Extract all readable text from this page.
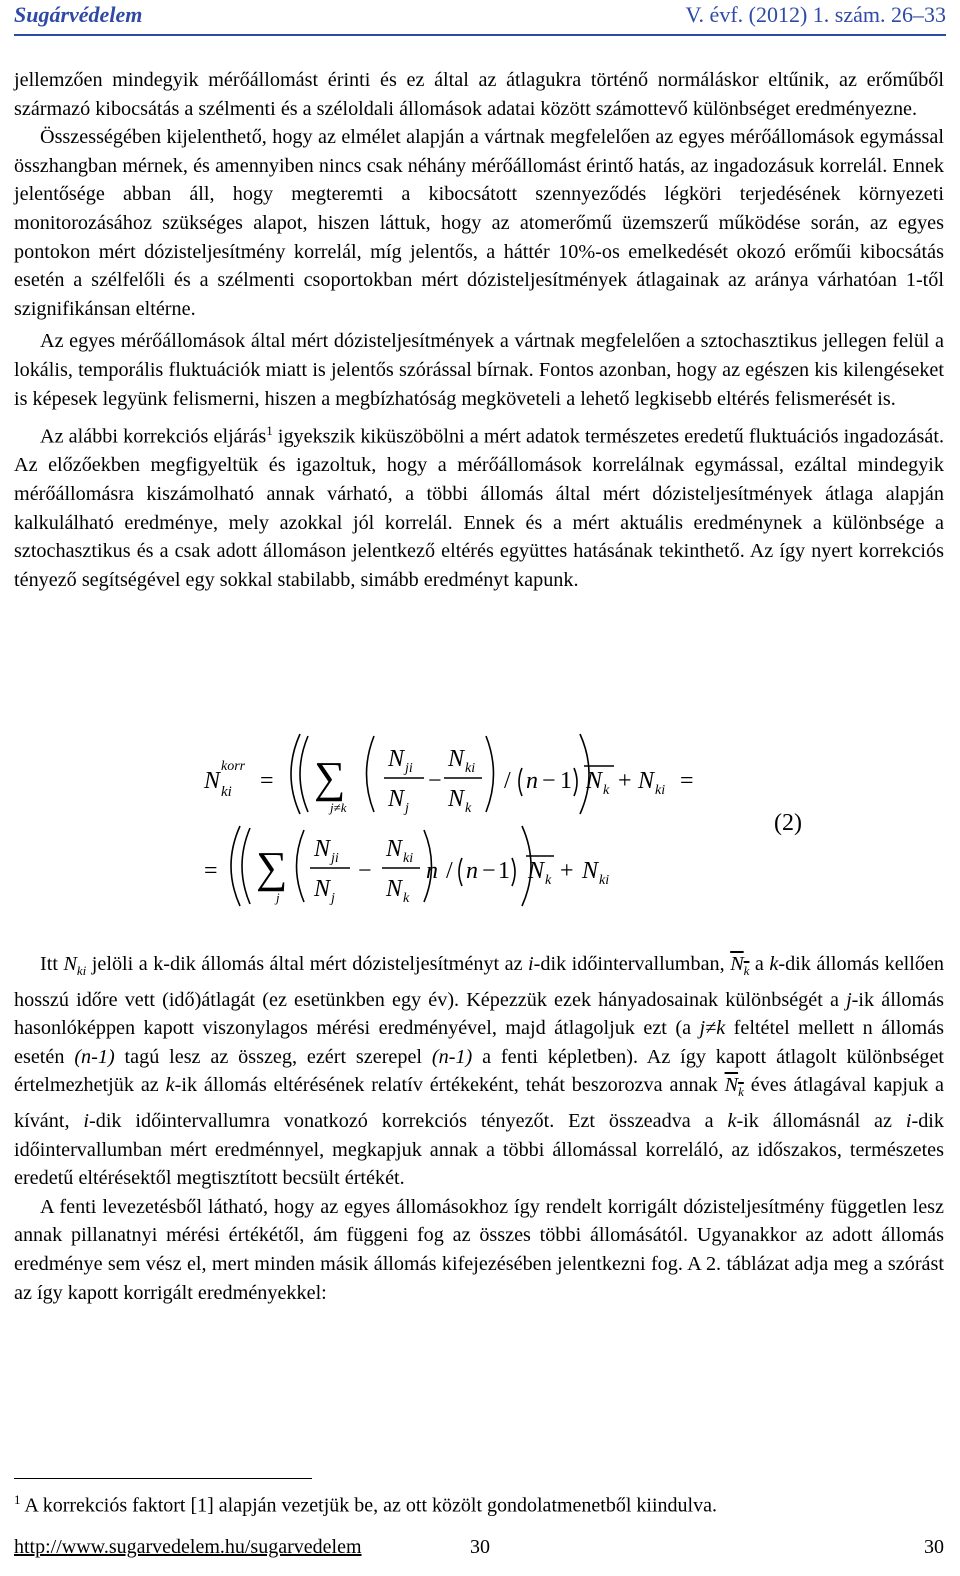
Sugárvédelem	V. évf. (2012) 1. szám. 26–33

jellemzően mindegyik mérőállomást érinti és ez által az átlagukra történő normáláskor eltűnik, az erőműből származó kibocsátás a szélmenti és a széloldali állomások adatai között számottevő különbséget eredményezne.

Összességében kijelenthető, hogy az elmélet alapján a vártnak megfelelően az egyes mérőállomások egymással összhangban mérnek, és amennyiben nincs csak néhány mérőállomást érintő hatás, az ingadozásuk korrelál. Ennek jelentősége abban áll, hogy megteremti a kibocsátott szennyeződés légköri terjedésének környezeti monitorozásához szükséges alapot, hiszen láttuk, hogy az atomerőmű üzemszerű működése során, az egyes pontokon mért dózisteljesítmény korrelál, míg jelentős, a háttér 10%-os emelkedését okozó erőműi kibocsátás esetén a szélfelőli és a szélmenti csoportokban mért dózisteljesítmények átlagainak az aránya várhatóan 1-től szignifikánsan eltérne.

Az egyes mérőállomások által mért dózisteljesítmények a vártnak megfelelően a sztochasztikus jellegen felül a lokális, temporális fluktuációk miatt is jelentős szórással bírnak. Fontos azonban, hogy az egészen kis kilengéseket is képesek legyünk felismerni, hiszen a megbízhatóság megköveteli a lehető legkisebb eltérés felismerését is.

Az alábbi korrekciós eljárás$^1$ igyekszik kiküszöbölni a mért adatok természetes eredetű fluktuációs ingadozását. Az előzőekben megfigyeltük és igazoltuk, hogy a mérőállomások korrelálnak egymással, ezáltal mindegyik mérőállomásra kiszámolható annak várható, a többi állomás által mért dózisteljesítmények átlaga alapján kalkulálható eredménye, mely azokkal jól korrelál. Ennek és a mért aktuális eredménynek a különbsége a sztochasztikus és a csak adott állomáson jelentkező eltérés együttes hatásának tekinthető. Az így nyert korrekciós tényező segítségével egy sokkal stabilabb, simább eredményt kapunk.

N
korr
ki = ∑
j≠k
N ji
N j
−
N ki
N k
/ n − 1 N k + N ki =
(2)
= ∑
j
N ji
N j
−
N ki
N k
n / n − 1 N k + N ki

Itt $N_{ki}$ jelöli a k-dik állomás által mért dózisteljesítményt az i-dik időintervallumban, $N_k$ a k-dik állomás kellően hosszú időre vett (idő)átlagát (ez esetünkben egy év). Képezzük ezek hányadosainak különbségét a j-ik állomás hasonlóképpen kapott viszonylagos mérési eredményével, majd átlagoljuk ezt (a j≠k feltétel mellett n állomás esetén (n-1) tagú lesz az összeg, ezért szerepel (n-1) a fenti képletben). Az így kapott átlagolt különbséget értelmezhetjük az k-ik állomás eltérésének relatív értékeként, tehát beszorozva annak $N_k$ éves átlagával kapjuk a kívánt, i-dik időintervallumra vonatkozó korrekciós tényezőt. Ezt összeadva a k-ik állomásnál az i-dik időintervallumban mért eredménnyel, megkapjuk annak a többi állomással korreláló, az időszakos, természetes eredetű eltérésektől megtisztított becsült értékét.

A fenti levezetésből látható, hogy az egyes állomásokhoz így rendelt korrigált dózisteljesítmény független lesz annak pillanatnyi mérési értékétől, ám függeni fog az összes többi állomásától. Ugyanakkor az adott állomás eredménye sem vész el, mert minden másik állomás kifejezésében jelentkezni fog. A 2. táblázat adja meg a szórást az így kapott korrigált eredményekkel:

$^1$ A korrekciós faktort [1] alapján vezetjük be, az ott közölt gondolatmenetből kiindulva.
http://www.sugarvedelem.hu/sugarvedelem	30	30
